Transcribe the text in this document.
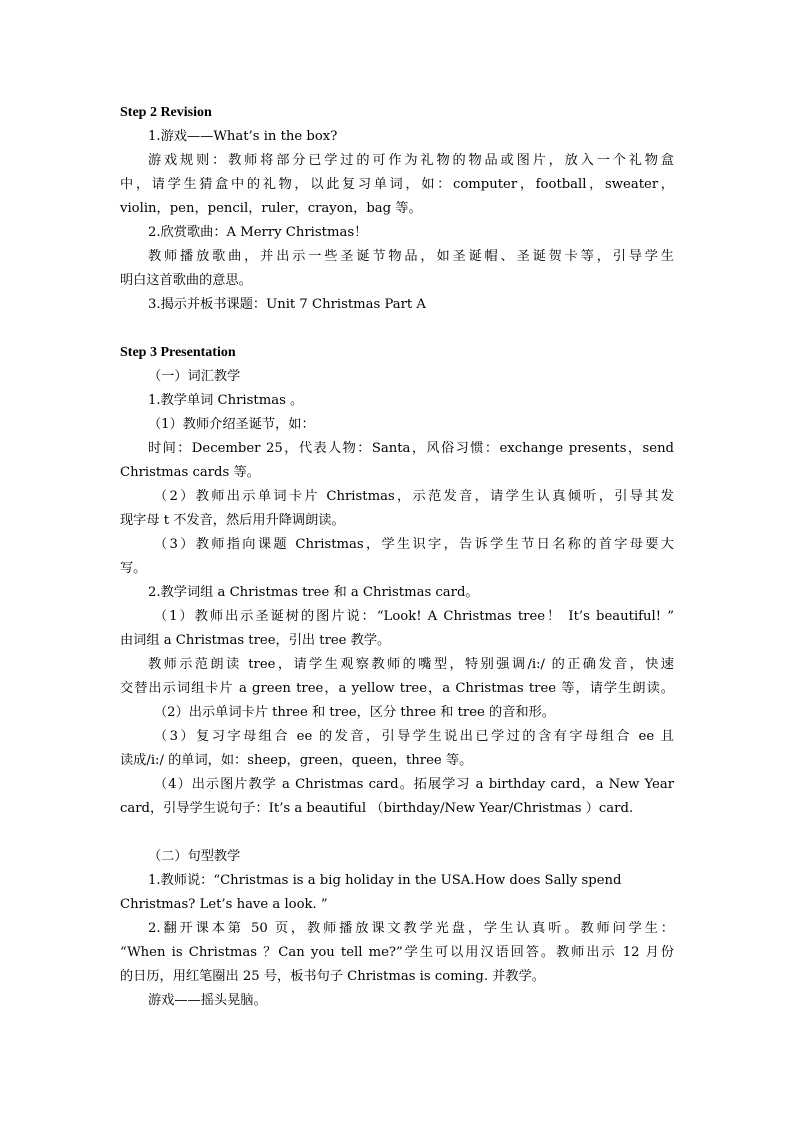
Step 2 Revision
1.游戏——What’s in the box?
游戏规则：教师将部分已学过的可作为礼物的物品或图片，放入一个礼物盒
中，请学生猜盒中的礼物，以此复习单词，如：computer，football，sweater，
violin，pen，pencil，ruler，crayon，bag 等。
2.欣赏歌曲：A Merry Christmas！
教师播放歌曲，并出示一些圣诞节物品，如圣诞帽、圣诞贺卡等，引导学生
明白这首歌曲的意思。
3.揭示并板书课题：Unit 7 Christmas Part A
Step 3 Presentation
（一）词汇教学
1.教学单词 Christmas 。
（1）教师介绍圣诞节，如：
时间：December 25，代表人物：Santa，风俗习惯：exchange presents，send
Christmas cards 等。
（2）教师出示单词卡片 Christmas，示范发音，请学生认真倾听，引导其发
现字母 t 不发音，然后用升降调朗读。
（3）教师指向课题 Christmas，学生识字，告诉学生节日名称的首字母要大
写。
2.教学词组 a Christmas tree 和 a Christmas card。
（1）教师出示圣诞树的图片说：“Look! A Christmas tree！ It’s beautiful! ”
由词组 a Christmas tree，引出 tree 教学。
教师示范朗读 tree，请学生观察教师的嘴型，特别强调/i:/ 的正确发音，快速
交替出示词组卡片 a green tree，a yellow tree，a Christmas tree 等，请学生朗读。
（2）出示单词卡片 three 和 tree，区分 three 和 tree 的音和形。
（3）复习字母组合 ee 的发音，引导学生说出已学过的含有字母组合 ee 且
读成/i:/ 的单词，如：sheep，green，queen，three 等。
（4）出示图片教学 a Christmas card。拓展学习 a birthday card，a New Year
card，引导学生说句子：It’s a beautiful （birthday/New Year/Christmas ）card.
（二）句型教学
1.教师说：“Christmas is a big holiday in the USA.How does Sally spend
Christmas? Let’s have a look. ”
2.翻开课本第 50 页，教师播放课文教学光盘，学生认真听。教师问学生：
“When is Christmas ？Can you tell me?”学生可以用汉语回答。教师出示 12 月份
的日历，用红笔圈出 25 号，板书句子 Christmas is coming. 并教学。
游戏——摇头晃脑。
